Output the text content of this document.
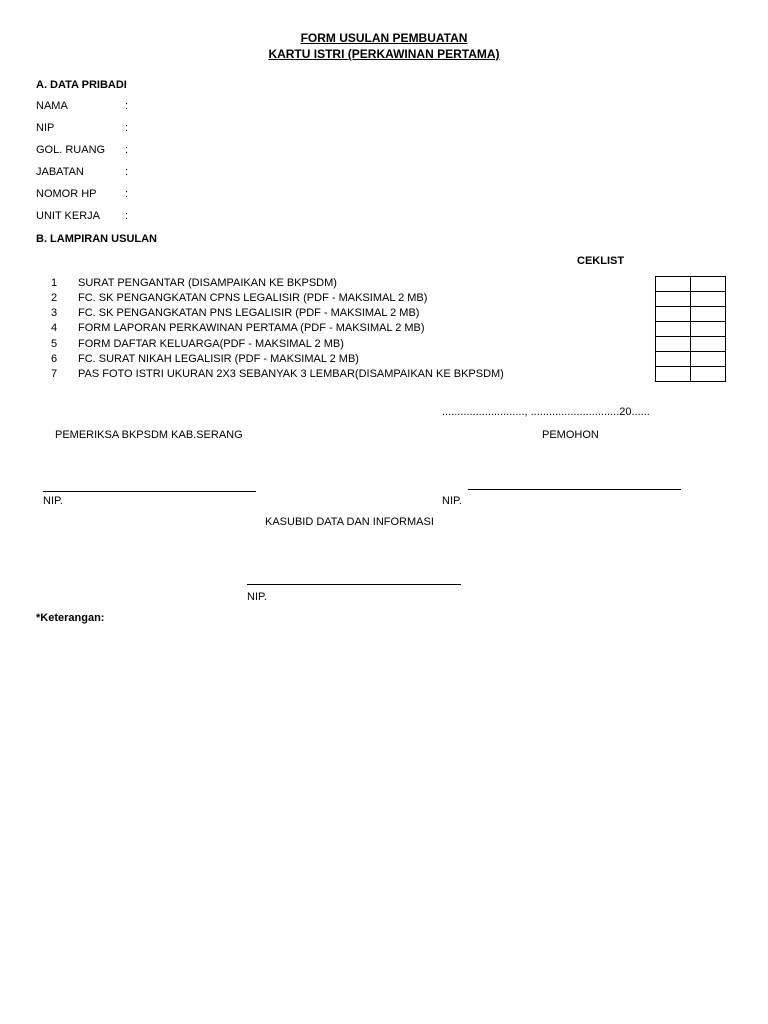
FORM USULAN PEMBUATAN
KARTU ISTRI (PERKAWINAN PERTAMA)
A. DATA PRIBADI
NAMA	:
NIP	:
GOL. RUANG :
JABATAN	:
NOMOR HP	:
UNIT KERJA :
B. LAMPIRAN USULAN
CEKLIST
1 SURAT PENGANTAR (DISAMPAIKAN KE BKPSDM)
2 FC. SK PENGANGKATAN CPNS LEGALISIR (PDF - MAKSIMAL 2 MB)
3 FC. SK PENGANGKATAN PNS LEGALISIR (PDF - MAKSIMAL 2 MB)
4 FORM LAPORAN PERKAWINAN PERTAMA (PDF - MAKSIMAL 2 MB)
5 FORM DAFTAR KELUARGA(PDF - MAKSIMAL 2 MB)
6 FC. SURAT NIKAH LEGALISIR (PDF - MAKSIMAL 2 MB)
7 PAS FOTO ISTRI UKURAN 2X3 SEBANYAK 3 LEMBAR(DISAMPAIKAN KE BKPSDM)

..........................., .............................20......
PEMERIKSA BKPSDM KAB.SERANG	PEMOHON
NIP.	NIP.
KASUBID DATA DAN INFORMASI
NIP.
*Keterangan:
